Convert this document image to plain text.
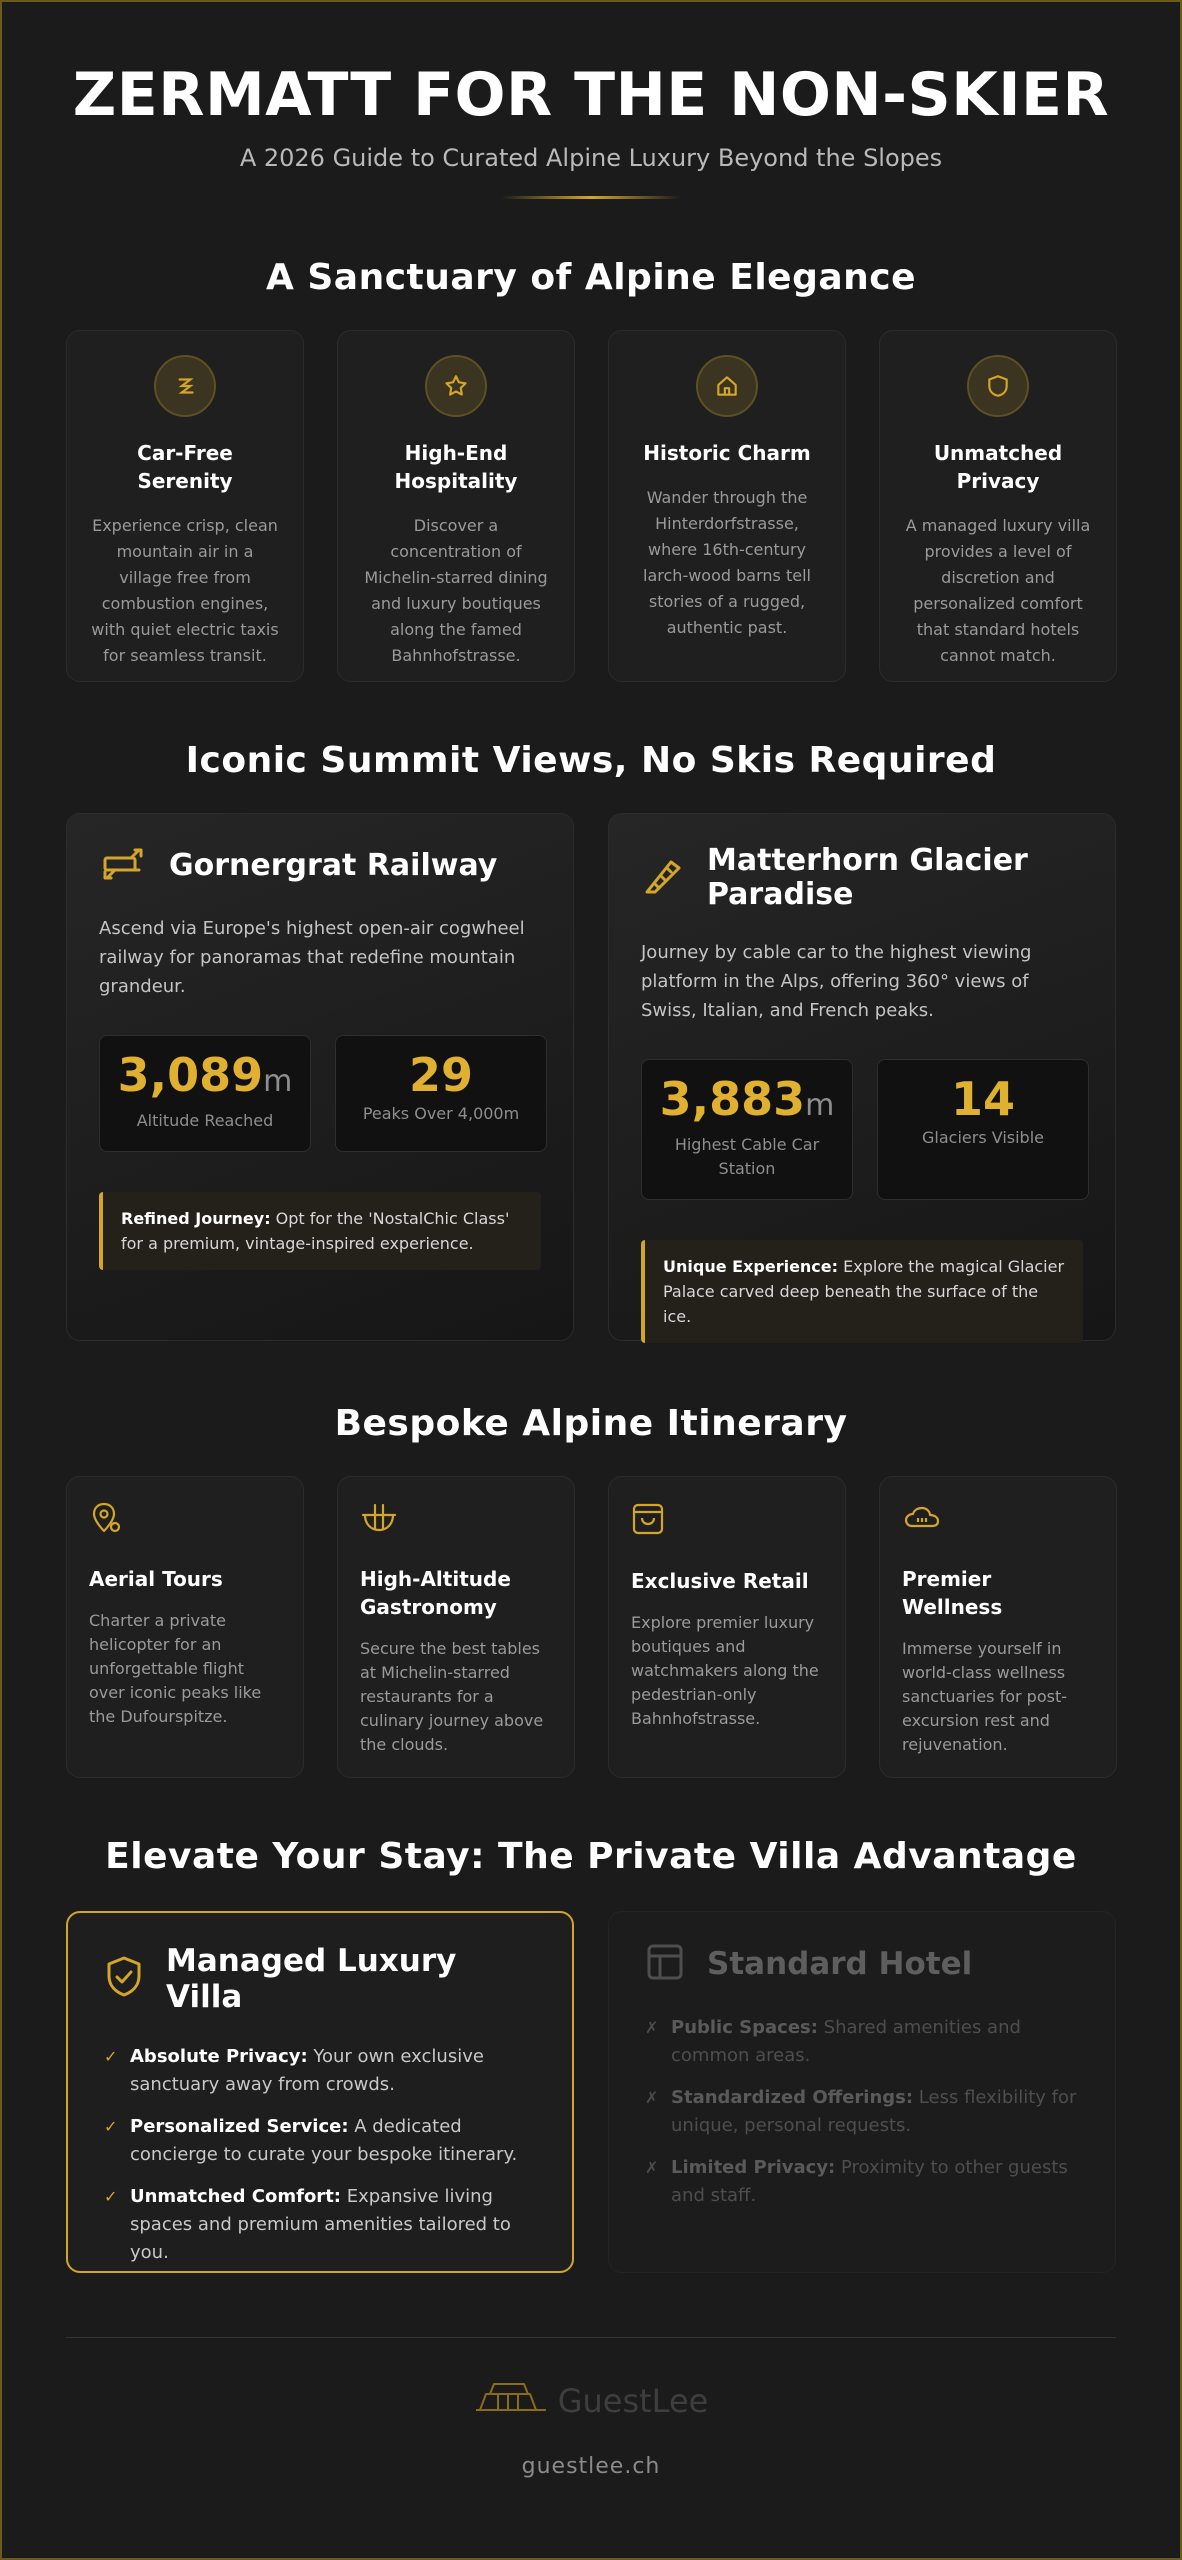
ZERMATT FOR THE NON-SKIER
A 2026 Guide to Curated Alpine Luxury Beyond the Slopes
A Sanctuary of Alpine Elegance
Car-Free Serenity

Experience crisp, clean mountain air in a village free from combustion engines, with quiet electric taxis for seamless transit.

High-End Hospitality

Discover a concentration of Michelin-starred dining and luxury boutiques along the famed Bahnhofstrasse.

Historic Charm

Wander through the Hinterdorfstrasse, where 16th-century larch-wood barns tell stories of a rugged, authentic past.

Unmatched Privacy

A managed luxury villa provides a level of discretion and personalized comfort that standard hotels cannot match.

Iconic Summit Views, No Skis Required
Gornergrat Railway

Ascend via Europe's highest open-air cogwheel railway for panoramas that redefine mountain grandeur.

3,089m
Altitude Reached
29
Peaks Over 4,000m
Refined Journey: Opt for the 'NostalChic Class' for a premium, vintage-inspired experience.
Matterhorn Glacier Paradise

Journey by cable car to the highest viewing platform in the Alps, offering 360° views of Swiss, Italian, and French peaks.

3,883m
Highest Cable Car Station
14
Glaciers Visible
Unique Experience: Explore the magical Glacier Palace carved deep beneath the surface of the ice.
Bespoke Alpine Itinerary
Aerial Tours

Charter a private helicopter for an unforgettable flight over iconic peaks like the Dufourspitze.

High-Altitude Gastronomy

Secure the best tables at Michelin-starred restaurants for a culinary journey above the clouds.

Exclusive Retail

Explore premier luxury boutiques and watchmakers along the pedestrian-only Bahnhofstrasse.

Premier Wellness

Immerse yourself in world-class wellness sanctuaries for post-excursion rest and rejuvenation.

Elevate Your Stay: The Private Villa Advantage
Managed Luxury Villa
✓ Absolute Privacy: Your own exclusive sanctuary away from crowds.
✓ Personalized Service: A dedicated concierge to curate your bespoke itinerary.
✓ Unmatched Comfort: Expansive living spaces and premium amenities tailored to you.
Standard Hotel
✗ Public Spaces: Shared amenities and common areas.
✗ Standardized Offerings: Less flexibility for unique, personal requests.
✗ Limited Privacy: Proximity to other guests and staff.
GuestLee
guestlee.ch
